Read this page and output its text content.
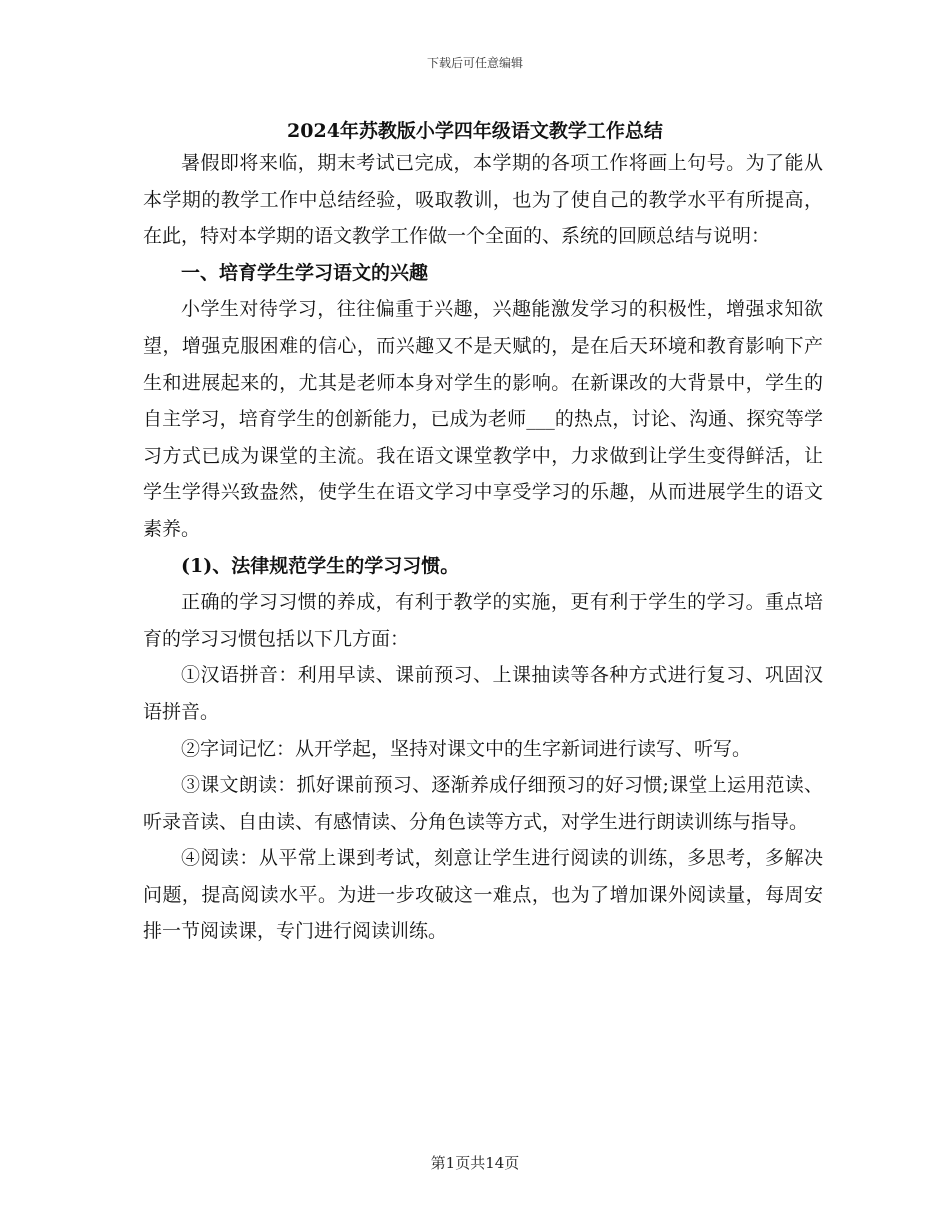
下载后可任意编辑
2024年苏教版小学四年级语文教学工作总结

暑假即将来临，期末考试已完成，本学期的各项工作将画上句号。为了能从本学期的教学工作中总结经验，吸取教训，也为了使自己的教学水平有所提高，在此，特对本学期的语文教学工作做一个全面的、系统的回顾总结与说明：

一、培育学生学习语文的兴趣

小学生对待学习，往往偏重于兴趣，兴趣能激发学习的积极性，增强求知欲望，增强克服困难的信心，而兴趣又不是天赋的，是在后天环境和教育影响下产生和进展起来的，尤其是老师本身对学生的影响。在新课改的大背景中，学生的自主学习，培育学生的创新能力，已成为老师___的热点，讨论、沟通、探究等学习方式已成为课堂的主流。我在语文课堂教学中，力求做到让学生变得鲜活，让学生学得兴致盎然，使学生在语文学习中享受学习的乐趣，从而进展学生的语文素养。

(1)、法律规范学生的学习习惯。

正确的学习习惯的养成，有利于教学的实施，更有利于学生的学习。重点培育的学习习惯包括以下几方面：

①汉语拼音：利用早读、课前预习、上课抽读等各种方式进行复习、巩固汉语拼音。

②字词记忆：从开学起，坚持对课文中的生字新词进行读写、听写。

③课文朗读：抓好课前预习、逐渐养成仔细预习的好习惯;课堂上运用范读、听录音读、自由读、有感情读、分角色读等方式，对学生进行朗读训练与指导。

④阅读：从平常上课到考试，刻意让学生进行阅读的训练，多思考，多解决问题，提高阅读水平。为进一步攻破这一难点，也为了增加课外阅读量，每周安排一节阅读课，专门进行阅读训练。

第1页共14页
